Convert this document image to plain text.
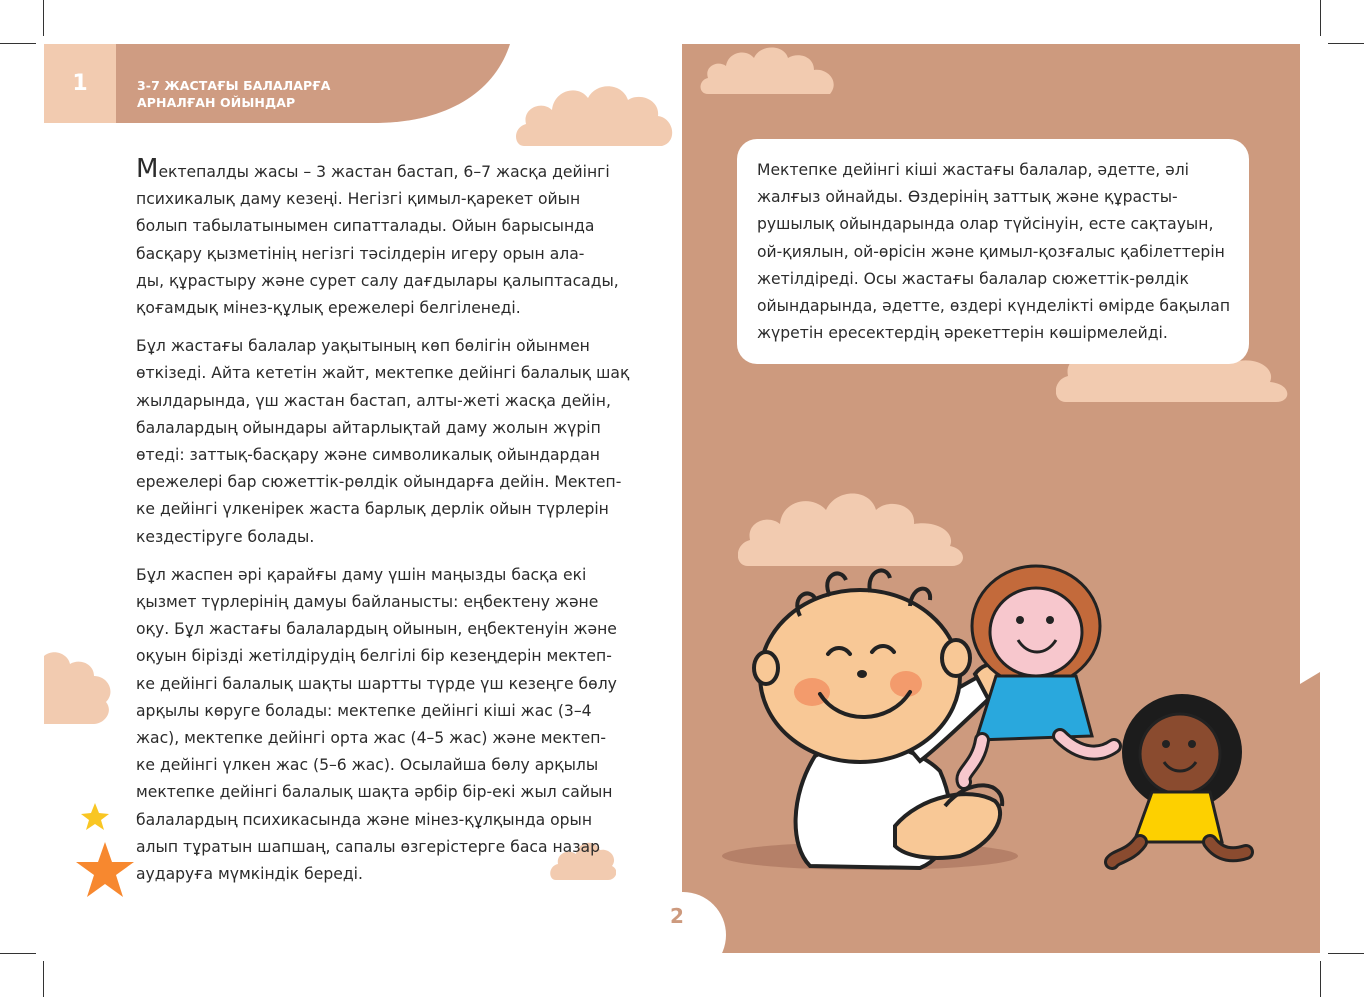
1	3-7 ЖАСТАҒЫ БАЛАЛАРҒА
АРНАЛҒАН ОЙЫНДАР

Мектепалды жасы – 3 жастан бастап, 6–7 жасқа дейінгі
психикалық даму кезеңі. Негізгі қимыл-қарекет ойын
болып табылатынымен сипатталады. Ойын барысында
басқару қызметінің негізгі тәсілдерін игеру орын ала-
ды, құрастыру және сурет салу дағдылары қалыптасады,
қоғамдық мінез-құлық ережелері белгіленеді.

Бұл жастағы балалар уақытының көп бөлігін ойынмен
өткізеді. Айта кететін жайт, мектепке дейінгі балалық шақ
жылдарында, үш жастан бастап, алты-жеті жасқа дейін,
балалардың ойындары айтарлықтай даму жолын жүріп
өтеді: заттық-басқару және символикалық ойындардан
ережелері бар сюжеттік-рөлдік ойындарға дейін. Мектеп-
ке дейінгі үлкенірек жаста барлық дерлік ойын түрлерін
кездестіруге болады.

Бұл жаспен әрі қарайғы даму үшін маңызды басқа екі
қызмет түрлерінің дамуы байланысты: еңбектену және
оқу. Бұл жастағы балалардың ойынын, еңбектенуін және
оқуын бірізді жетілдірудің белгілі бір кезеңдерін мектеп-
ке дейінгі балалық шақты шартты түрде үш кезеңге бөлу
арқылы көруге болады: мектепке дейінгі кіші жас (3–4
жас), мектепке дейінгі орта жас (4–5 жас) және мектеп-
ке дейінгі үлкен жас (5–6 жас). Осылайша бөлу арқылы
мектепке дейінгі балалық шақта әрбір бір-екі жыл сайын
балалардың психикасында және мінез-құлқында орын
алып тұратын шапшаң, сапалы өзгерістерге баса назар
аударуға мүмкіндік береді.

Мектепке дейінгі кіші жастағы балалар, әдетте, әлі
жалғыз ойнайды. Өздерінің заттық және құрасты-
рушылық ойындарында олар түйсінуін, есте сақтауын,
ой-қиялын, ой-өрісін және қимыл-қозғалыс қабілеттерін
жетілдіреді. Осы жастағы балалар сюжеттік-рөлдік
ойындарында, әдетте, өздері күнделікті өмірде бақылап
жүретін ересектердің әрекеттерін көшірмелейді.
2
